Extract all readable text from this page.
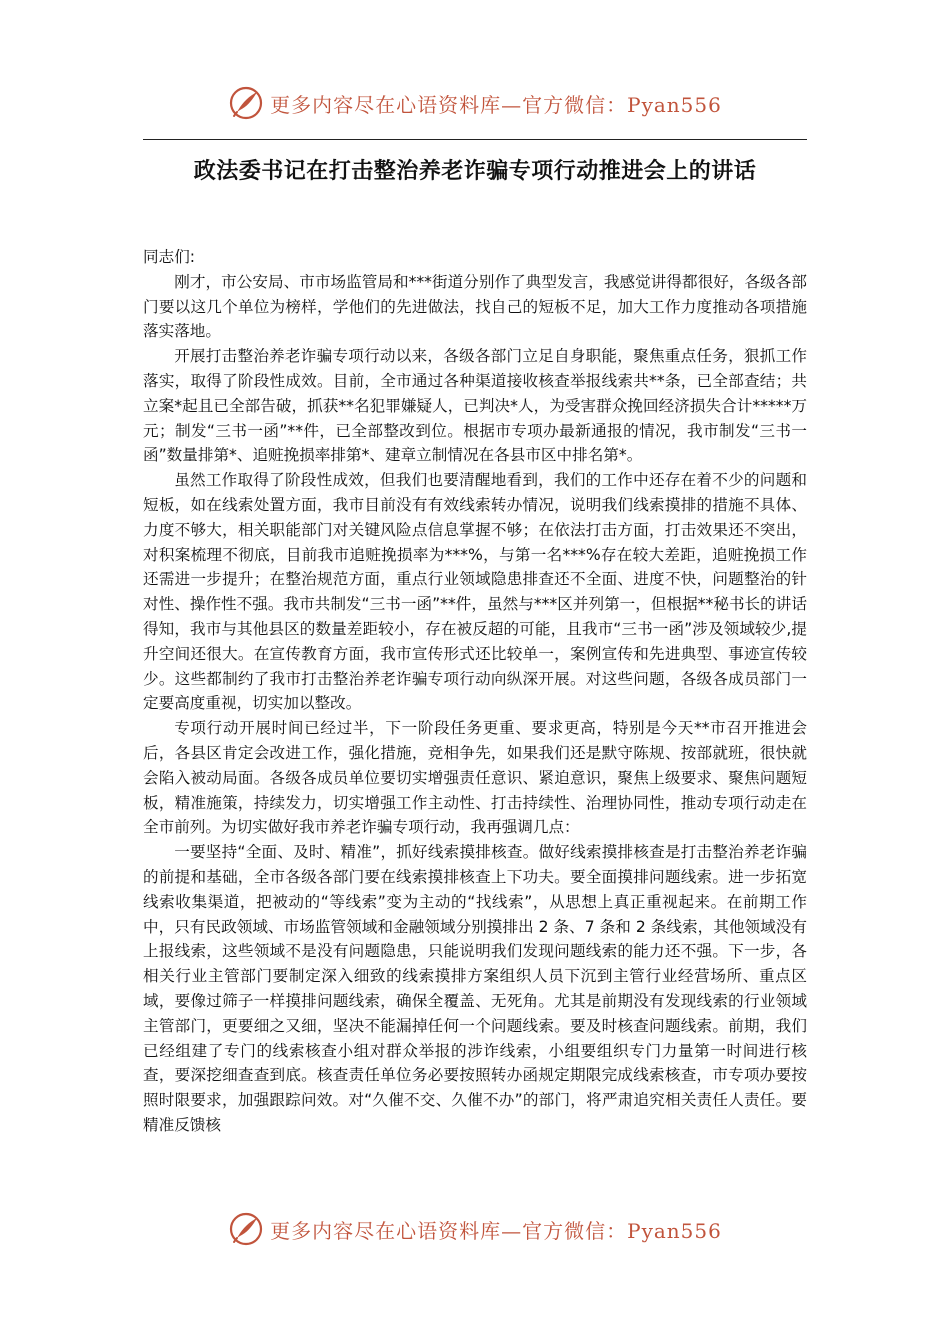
更多内容尽在心语资料库—官方微信：Pyan556
政法委书记在打击整治养老诈骗专项行动推进会上的讲话

同志们:

刚才，市公安局、市市场监管局和***街道分别作了典型发言，我感觉讲得都很好，各级各部门要以这几个单位为榜样，学他们的先进做法，找自己的短板不足，加大工作力度推动各项措施落实落地。

开展打击整治养老诈骗专项行动以来，各级各部门立足自身职能，聚焦重点任务，狠抓工作落实，取得了阶段性成效。目前，全市通过各种渠道接收核查举报线索共**条，已全部查结；共立案*起且已全部告破，抓获**名犯罪嫌疑人，已判决*人，为受害群众挽回经济损失合计*****万元；制发“三书一函”**件，已全部整改到位。根据市专项办最新通报的情况，我市制发“三书一函”数量排第*、追赃挽损率排第*、建章立制情况在各县市区中排名第*。

虽然工作取得了阶段性成效，但我们也要清醒地看到，我们的工作中还存在着不少的问题和短板，如在线索处置方面，我市目前没有有效线索转办情况，说明我们线索摸排的措施不具体、力度不够大，相关职能部门对关键风险点信息掌握不够；在依法打击方面，打击效果还不突出，对积案梳理不彻底，目前我市追赃挽损率为***%，与第一名***%存在较大差距，追赃挽损工作还需进一步提升；在整治规范方面，重点行业领域隐患排查还不全面、进度不快，问题整治的针对性、操作性不强。我市共制发“三书一函”**件，虽然与***区并列第一，但根据**秘书长的讲话得知，我市与其他县区的数量差距较小，存在被反超的可能，且我市“三书一函”涉及领域较少,提升空间还很大。在宣传教育方面，我市宣传形式还比较单一，案例宣传和先进典型、事迹宣传较少。这些都制约了我市打击整治养老诈骗专项行动向纵深开展。对这些问题，各级各成员部门一定要高度重视，切实加以整改。

专项行动开展时间已经过半，下一阶段任务更重、要求更高，特别是今天**市召开推进会后，各县区肯定会改进工作，强化措施，竞相争先，如果我们还是默守陈规、按部就班，很快就会陷入被动局面。各级各成员单位要切实增强责任意识、紧迫意识，聚焦上级要求、聚焦问题短板，精准施策，持续发力，切实增强工作主动性、打击持续性、治理协同性，推动专项行动走在全市前列。为切实做好我市养老诈骗专项行动，我再强调几点：

一要坚持“全面、及时、精准”，抓好线索摸排核查。做好线索摸排核查是打击整治养老诈骗的前提和基础，全市各级各部门要在线索摸排核查上下功夫。要全面摸排问题线索。进一步拓宽线索收集渠道，把被动的“等线索”变为主动的“找线索”，从思想上真正重视起来。在前期工作中，只有民政领域、市场监管领域和金融领域分别摸排出 2 条、7 条和 2 条线索，其他领域没有上报线索，这些领域不是没有问题隐患，只能说明我们发现问题线索的能力还不强。下一步，各相关行业主管部门要制定深入细致的线索摸排方案组织人员下沉到主管行业经营场所、重点区域，要像过筛子一样摸排问题线索，确保全覆盖、无死角。尤其是前期没有发现线索的行业领域主管部门，更要细之又细，坚决不能漏掉任何一个问题线索。要及时核查问题线索。前期，我们已经组建了专门的线索核查小组对群众举报的涉诈线索，小组要组织专门力量第一时间进行核查，要深挖细查查到底。核查责任单位务必要按照转办函规定期限完成线索核查，市专项办要按照时限要求，加强跟踪问效。对“久催不交、久催不办”的部门，将严肃追究相关责任人责任。要精准反馈核

更多内容尽在心语资料库—官方微信：Pyan556
